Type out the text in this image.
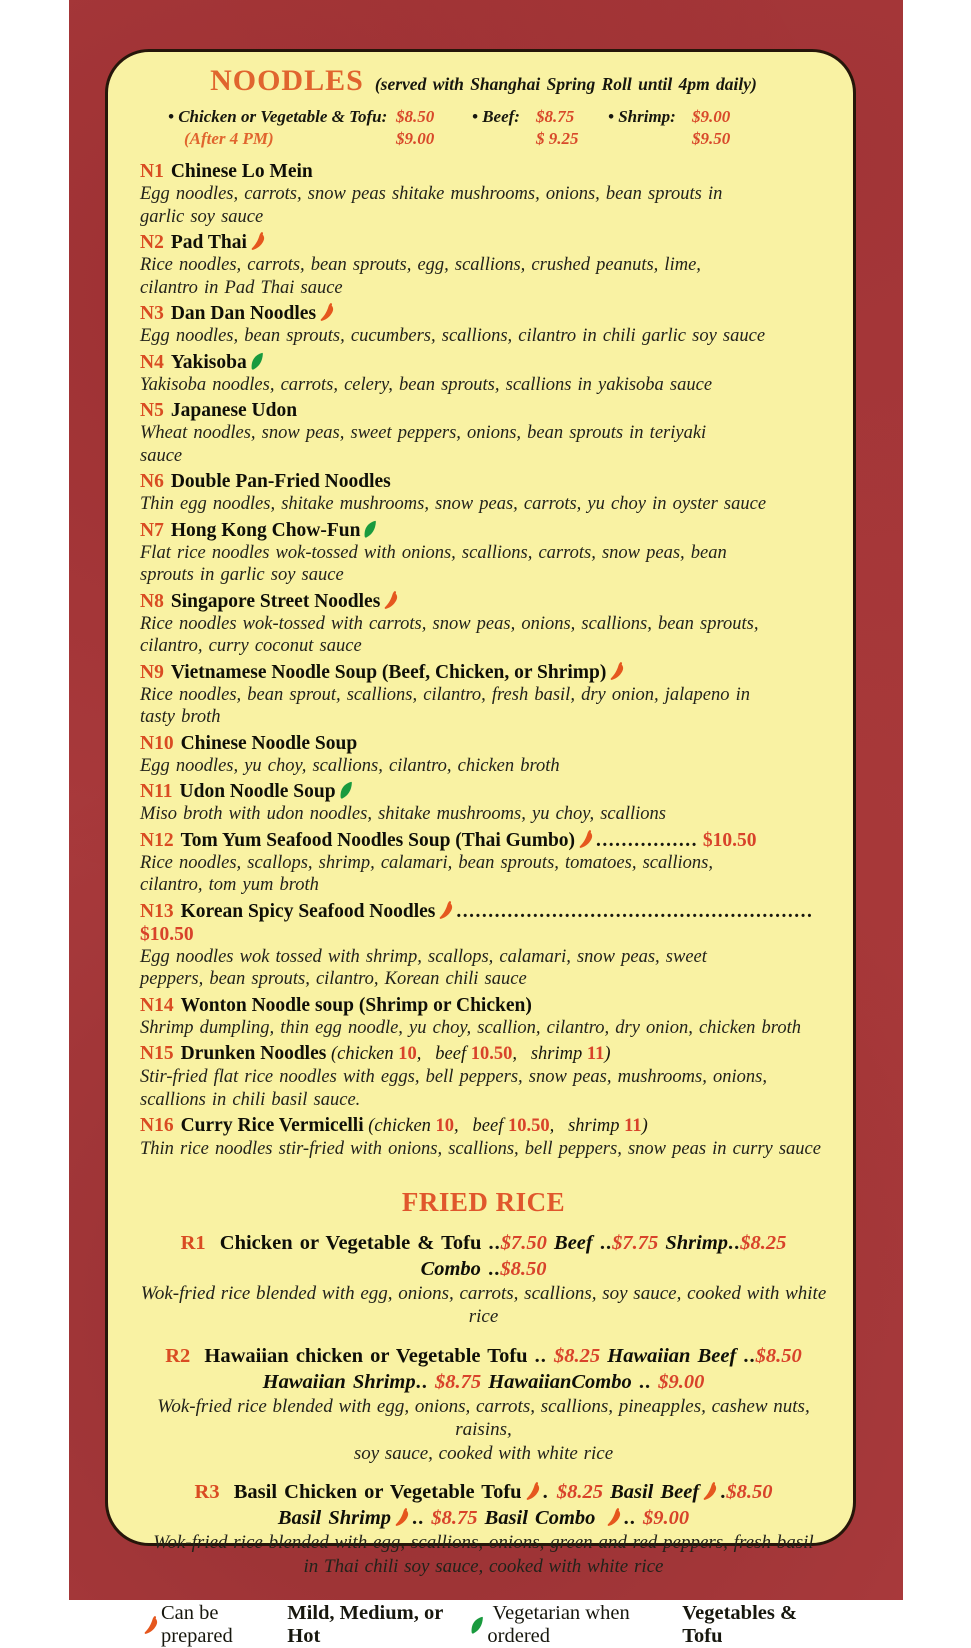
NOODLES (served with Shanghai Spring Roll until 4pm daily)
• Chicken or Vegetable & Tofu: $8.50	• Beef: $8.75	• Shrimp: $9.00
(After 4 PM)	$9.00	$ 9.25	$9.50
N1 Chinese Lo Mein
Egg noodles, carrots, snow peas shitake mushrooms, onions, bean sprouts in
garlic soy sauce
N2 Pad Thai
Rice noodles, carrots, bean sprouts, egg, scallions, crushed peanuts, lime,
cilantro in Pad Thai sauce
N3 Dan Dan Noodles
Egg noodles, bean sprouts, cucumbers, scallions, cilantro in chili garlic soy sauce
N4 Yakisoba
Yakisoba noodles, carrots, celery, bean sprouts, scallions in yakisoba sauce
N5 Japanese Udon
Wheat noodles, snow peas, sweet peppers, onions, bean sprouts in teriyaki
sauce
N6 Double Pan-Fried Noodles
Thin egg noodles, shitake mushrooms, snow peas, carrots, yu choy in oyster sauce
N7 Hong Kong Chow-Fun
Flat rice noodles wok-tossed with onions, scallions, carrots, snow peas, bean
sprouts in garlic soy sauce
N8 Singapore Street Noodles
Rice noodles wok-tossed with carrots, snow peas, onions, scallions, bean sprouts,
cilantro, curry coconut sauce
N9 Vietnamese Noodle Soup (Beef, Chicken, or Shrimp)
Rice noodles, bean sprout, scallions, cilantro, fresh basil, dry onion, jalapeno in
tasty broth
N10 Chinese Noodle Soup
Egg noodles, yu choy, scallions, cilantro, chicken broth
N11 Udon Noodle Soup
Miso broth with udon noodles, shitake mushrooms, yu choy, scallions
N12 Tom Yum Seafood Noodles Soup (Thai Gumbo) ................ $10.50
Rice noodles, scallops, shrimp, calamari, bean sprouts, tomatoes, scallions,
cilantro, tom yum broth
N13 Korean Spicy Seafood Noodles ........................................................ $10.50
Egg noodles wok tossed with shrimp, scallops, calamari, snow peas, sweet
peppers, bean sprouts, cilantro, Korean chili sauce
N14 Wonton Noodle soup (Shrimp or Chicken)
Shrimp dumpling, thin egg noodle, yu choy, scallion, cilantro, dry onion, chicken broth
N15 Drunken Noodles (chicken 10,   beef 10.50,   shrimp 11)
Stir-fried flat rice noodles with eggs, bell peppers, snow peas, mushrooms, onions,
scallions in chili basil sauce.
N16 Curry Rice Vermicelli (chicken 10,   beef 10.50,   shrimp 11)
Thin rice noodles stir-fried with onions, scallions, bell peppers, snow peas in curry sauce
FRIED RICE
R1 Chicken or Vegetable & Tofu ..$7.50 Beef ..$7.75 Shrimp..$8.25
Combo ..$8.50
Wok-fried rice blended with egg, onions, carrots, scallions, soy sauce, cooked with white rice
R2 Hawaiian chicken or Vegetable Tofu .. $8.25 Hawaiian Beef ..$8.50
Hawaiian Shrimp.. $8.75 HawaiianCombo .. $9.00
Wok-fried rice blended with egg, onions, carrots, scallions, pineapples, cashew nuts, raisins,
soy sauce, cooked with white rice
R3 Basil Chicken or Vegetable Tofu . $8.25 Basil Beef .$8.50
Basil Shrimp .. $8.75 Basil Combo
.. $9.00
Wok-fried rice blended with egg, scallions, onions, green and red peppers, fresh basil
in Thai chili soy sauce, cooked with white rice
Can be prepared
Mild, Medium, or Hot
Vegetarian when ordered
Vegetables & Tofu
